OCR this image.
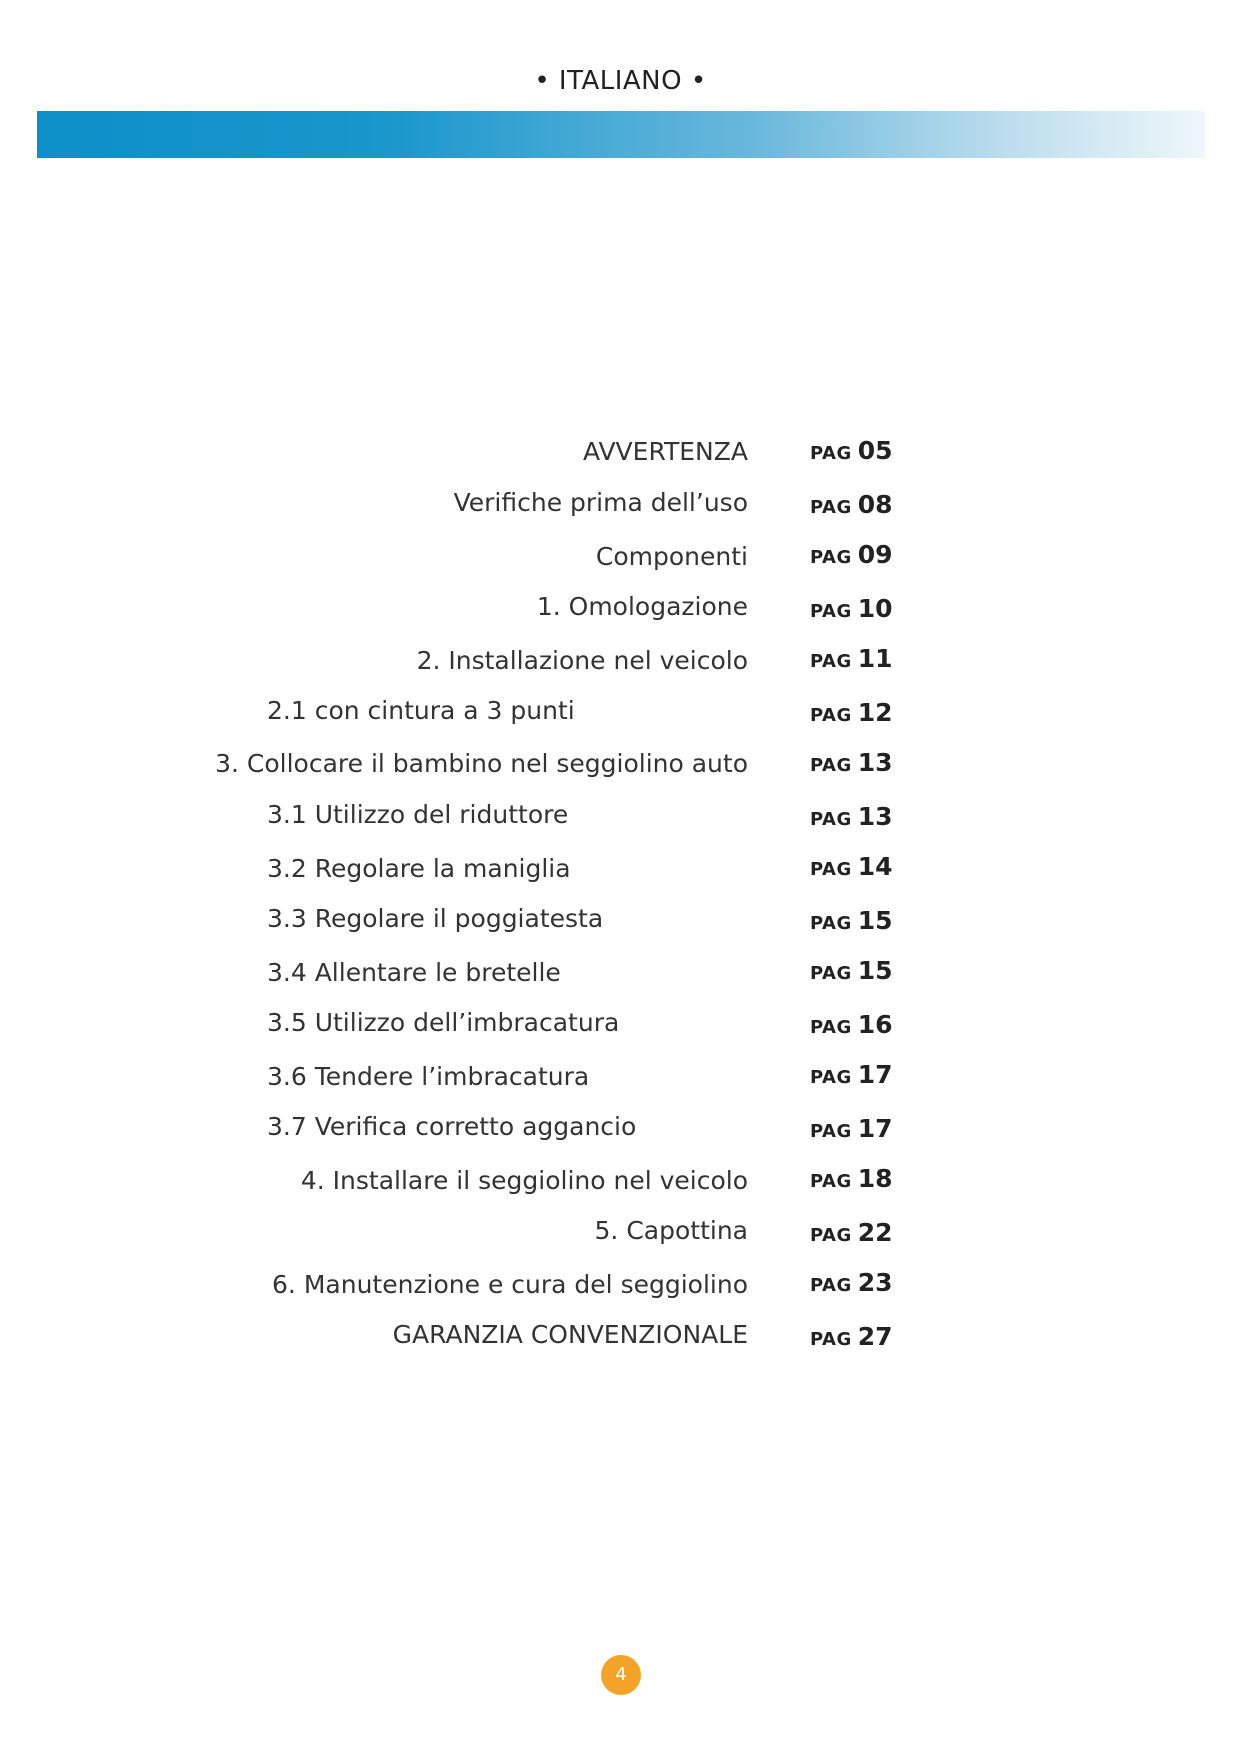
• ITALIANO •
AVVERTENZA	PAG 05
Verifiche prima dell’uso	PAG 08
Componenti	PAG 09
1. Omologazione	PAG 10
2. Installazione nel veicolo	PAG 11
2.1 con cintura a 3 punti	PAG 12
3. Collocare il bambino nel seggiolino auto	PAG 13
3.1 Utilizzo del riduttore	PAG 13
3.2 Regolare la maniglia	PAG 14
3.3 Regolare il poggiatesta	PAG 15
3.4 Allentare le bretelle	PAG 15
3.5 Utilizzo dell’imbracatura	PAG 16
3.6 Tendere l’imbracatura	PAG 17
3.7 Verifica corretto aggancio	PAG 17
4. Installare il seggiolino nel veicolo	PAG 18
5. Capottina	PAG 22
6. Manutenzione e cura del seggiolino	PAG 23
GARANZIA CONVENZIONALE	PAG 27
4
